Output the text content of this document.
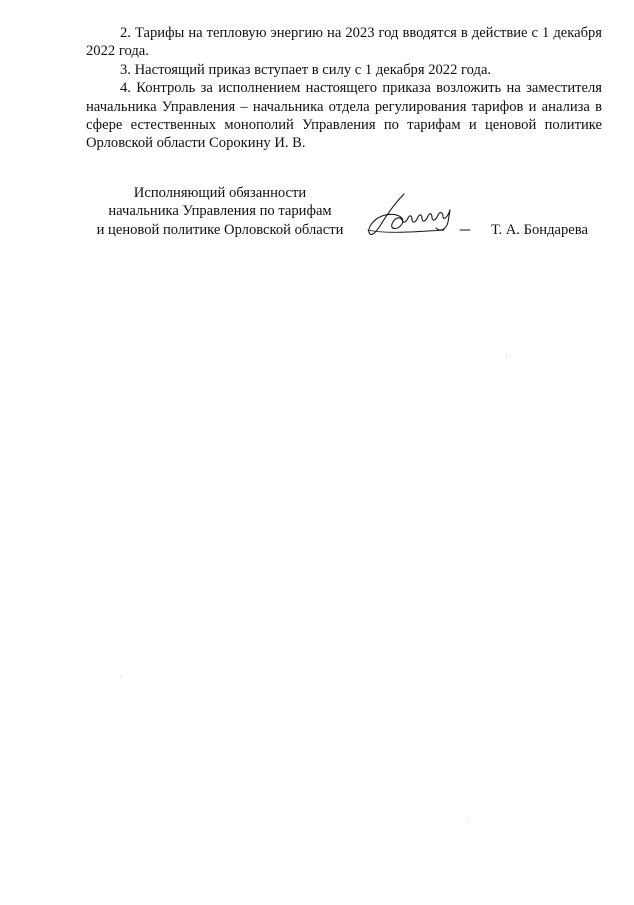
2. Тарифы на тепловую энергию на 2023 год вводятся в действие с 1 декабря 2022 года.

3. Настоящий приказ вступает в силу с 1 декабря 2022 года.

4. Контроль за исполнением настоящего приказа возложить на заместителя начальника Управления – начальника отдела регулирования тарифов и анализа в сфере естественных монополий Управления по тарифам и ценовой политике Орловской области Сорокину И. В.

Исполняющий обязанности
начальника Управления по тарифам
и ценовой политике Орловской области	Т. А. Бондарева
